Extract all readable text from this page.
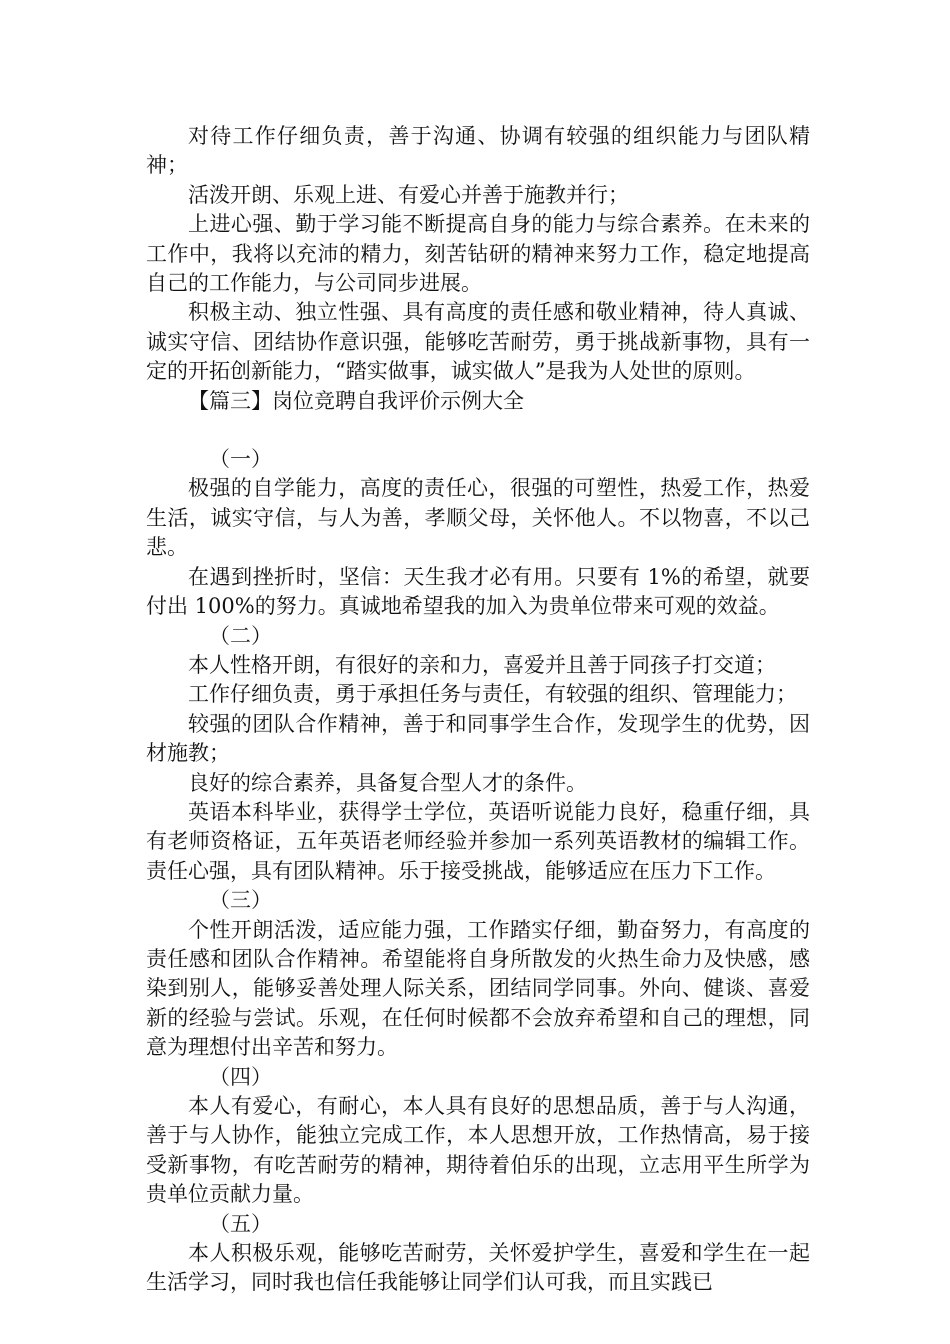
对待工作仔细负责，善于沟通、协调有较强的组织能力与团队精神；

活泼开朗、乐观上进、有爱心并善于施教并行；

上进心强、勤于学习能不断提高自身的能力与综合素养。在未来的工作中，我将以充沛的精力，刻苦钻研的精神来努力工作，稳定地提高自己的工作能力，与公司同步进展。

积极主动、独立性强、具有高度的责任感和敬业精神，待人真诚、诚实守信、团结协作意识强，能够吃苦耐劳，勇于挑战新事物，具有一定的开拓创新能力，“踏实做事，诚实做人”是我为人处世的原则。

【篇三】岗位竞聘自我评价示例大全

（一）

极强的自学能力，高度的责任心，很强的可塑性，热爱工作，热爱生活，诚实守信，与人为善，孝顺父母，关怀他人。不以物喜，不以己悲。

在遇到挫折时，坚信：天生我才必有用。只要有 1%的希望，就要付出 100%的努力。真诚地希望我的加入为贵单位带来可观的效益。

（二）

本人性格开朗，有很好的亲和力，喜爱并且善于同孩子打交道；

工作仔细负责，勇于承担任务与责任，有较强的组织、管理能力；

较强的团队合作精神，善于和同事学生合作，发现学生的优势，因材施教；

良好的综合素养，具备复合型人才的条件。

英语本科毕业，获得学士学位，英语听说能力良好，稳重仔细，具有老师资格证，五年英语老师经验并参加一系列英语教材的编辑工作。责任心强，具有团队精神。乐于接受挑战，能够适应在压力下工作。

（三）

个性开朗活泼，适应能力强，工作踏实仔细，勤奋努力，有高度的责任感和团队合作精神。希望能将自身所散发的火热生命力及快感，感染到别人，能够妥善处理人际关系，团结同学同事。外向、健谈、喜爱新的经验与尝试。乐观，在任何时候都不会放弃希望和自己的理想，同意为理想付出辛苦和努力。

（四）

本人有爱心，有耐心，本人具有良好的思想品质，善于与人沟通，善于与人协作，能独立完成工作，本人思想开放，工作热情高，易于接受新事物，有吃苦耐劳的精神，期待着伯乐的出现，立志用平生所学为贵单位贡献力量。

（五）

本人积极乐观，能够吃苦耐劳，关怀爱护学生，喜爱和学生在一起生活学习，同时我也信任我能够让同学们认可我，而且实践已
